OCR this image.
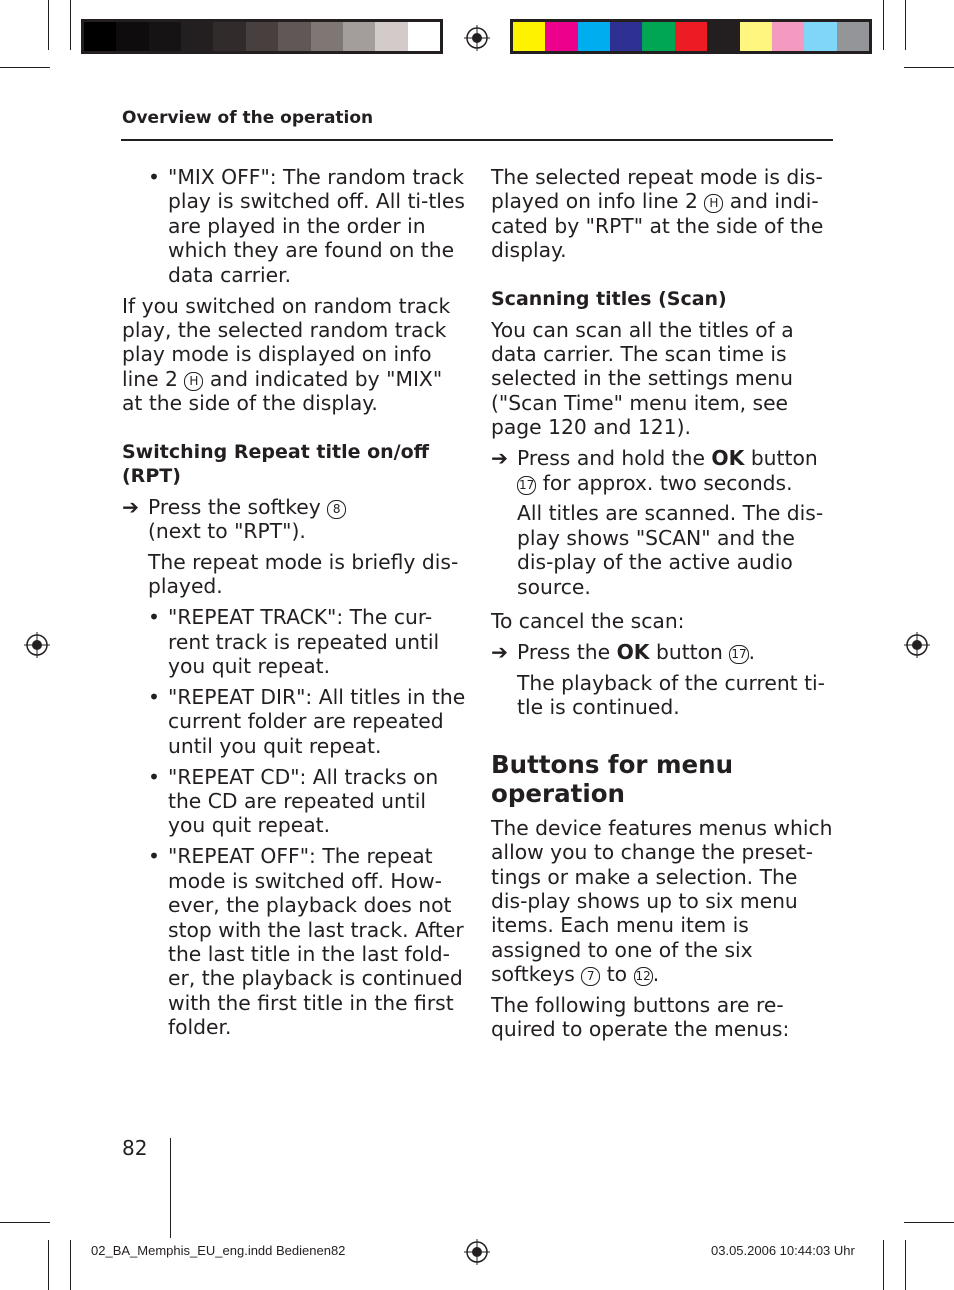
Overview of the operation
• "MIX OFF": The random track play is switched off. All ti-tles are played in the order in which they are found on the data carrier.

If you switched on random track play, the selected random track play mode is displayed on info line 2 H and indicated by "MIX" at the side of the display.

Switching Repeat title on/off (RPT)
➔ Press the softkey 8
(next to "RPT").

The repeat mode is briefly dis-played.

• "REPEAT TRACK": The cur-rent track is repeated until you quit repeat.
• "REPEAT DIR": All titles in the current folder are repeated until you quit repeat.
• "REPEAT CD": All tracks on the CD are repeated until you quit repeat.
• "REPEAT OFF": The repeat mode is switched off. How-ever, the playback does not stop with the last track. After the last title in the last fold-er, the playback is continued with the first title in the first folder.

The selected repeat mode is dis-played on info line 2 H and indi-cated by "RPT" at the side of the display.

Scanning titles (Scan)

You can scan all the titles of a data carrier. The scan time is selected in the settings menu ("Scan Time" menu item, see page 120 and 121).

➔ Press and hold the OK button
17 for approx. two seconds.

All titles are scanned. The dis-play shows "SCAN" and the dis-play of the active audio source.

To cancel the scan:

➔ Press the OK button 17.

The playback of the current ti-tle is continued.

Buttons for menu operation

The device features menus which allow you to change the preset-tings or make a selection. The dis-play shows up to six menu items. Each menu item is assigned to one of the six softkeys 7 to 12.

The following buttons are re-quired to operate the menus:

82
02_BA_Memphis_EU_eng.indd Bedienen82	03.05.2006 10:44:03 Uhr
